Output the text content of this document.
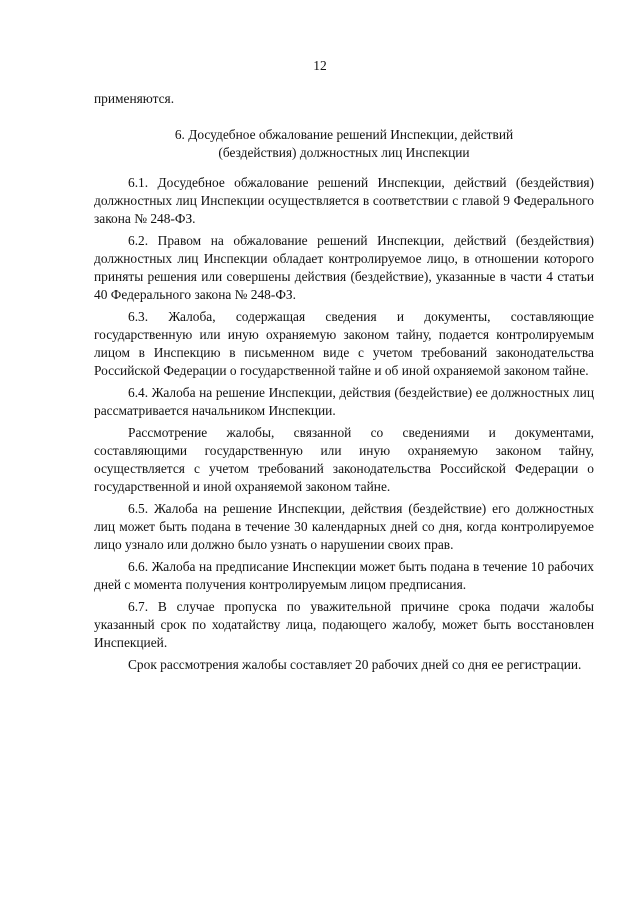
12

применяются.

6. Досудебное обжалование решений Инспекции, действий
(бездействия) должностных лиц Инспекции

6.1. Досудебное обжалование решений Инспекции, действий (бездействия) должностных лиц Инспекции осуществляется в соответствии с главой 9 Федерального закона № 248-ФЗ.

6.2. Правом на обжалование решений Инспекции, действий (бездействия) должностных лиц Инспекции обладает контролируемое лицо, в отношении которого приняты решения или совершены действия (бездействие), указанные в части 4 статьи 40 Федерального закона № 248-ФЗ.

6.3. Жалоба, содержащая сведения и документы, составляющие государственную или иную охраняемую законом тайну, подается контролируемым лицом в Инспекцию в письменном виде с учетом требований законодательства Российской Федерации о государственной тайне и об иной охраняемой законом тайне.

6.4. Жалоба на решение Инспекции, действия (бездействие) ее должностных лиц рассматривается начальником Инспекции.

Рассмотрение жалобы, связанной со сведениями и документами, составляющими государственную или иную охраняемую законом тайну, осуществляется с учетом требований законодательства Российской Федерации о государственной и иной охраняемой законом тайне.

6.5. Жалоба на решение Инспекции, действия (бездействие) его должностных лиц может быть подана в течение 30 календарных дней со дня, когда контролируемое лицо узнало или должно было узнать о нарушении своих прав.

6.6. Жалоба на предписание Инспекции может быть подана в течение 10 рабочих дней с момента получения контролируемым лицом предписания.

6.7. В случае пропуска по уважительной причине срока подачи жалобы указанный срок по ходатайству лица, подающего жалобу, может быть восстановлен Инспекцией.

Срок рассмотрения жалобы составляет 20 рабочих дней со дня ее регистрации.
